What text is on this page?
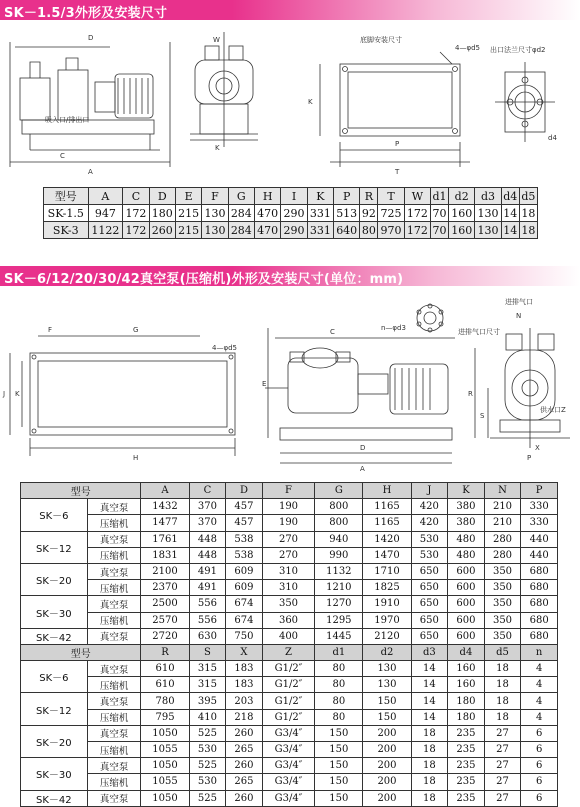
SK－1.5/3外形及安装尺寸
D
C
A
W
K	P
T
K
底脚安装尺寸
4—φd5 出口法兰尺寸φd2
d4
吸入口/排出口
型号	A	C	D	E	F	G	H	I	K	P	R	T	W	d1	d2	d3	d4	d5
SK-1.5	947	172	180	215	130	284	470	290	331	513	92	725	172	70	160	130	14	18
SK-3	1122	172	260	215	130	284	470	290	331	640	80	970	172	70	160	130	14	18
SK－6/12/20/30/42真空泵(压缩机)外形及安装尺寸(单位：mm)
F	G
H
J K
4—φd5
C
D
A
E
n—φd3	进排气口尺寸
进排气口
N
供水口Z
R
S
X
P
型号		A	C	D	F	G	H	J	K	N	P
SK－6	真空泵	1432	370	457	190	800	1165	420	380	210	330
	压缩机	1477	370	457	190	800	1165	420	380	210	330
SK－12	真空泵	1761	448	538	270	940	1420	530	480	280	440
	压缩机	1831	448	538	270	990	1470	530	480	280	440
SK－20	真空泵	2100	491	609	310	1132	1710	650	600	350	680
	压缩机	2370	491	609	310	1210	1825	650	600	350	680
SK－30	真空泵	2500	556	674	350	1270	1910	650	600	350	680
	压缩机	2570	556	674	360	1295	1970	650	600	350	680
SK－42	真空泵	2720	630	750	400	1445	2120	650	600	350	680
型号		R	S	X	Z	d1	d2	d3	d4	d5	n
SK－6	真空泵	610	315	183	G1/2″	80	130	14	160	18	4
	压缩机	610	315	183	G1/2″	80	130	14	160	18	4
SK－12	真空泵	780	395	203	G1/2″	80	150	14	180	18	4
	压缩机	795	410	218	G1/2″	80	150	14	180	18	4
SK－20	真空泵	1050	525	260	G3/4″	150	200	18	235	27	6
	压缩机	1055	530	265	G3/4″	150	200	18	235	27	6
SK－30	真空泵	1050	525	260	G3/4″	150	200	18	235	27	6
	压缩机	1055	530	265	G3/4″	150	200	18	235	27	6
SK－42	真空泵	1050	525	260	G3/4″	150	200	18	235	27	6
